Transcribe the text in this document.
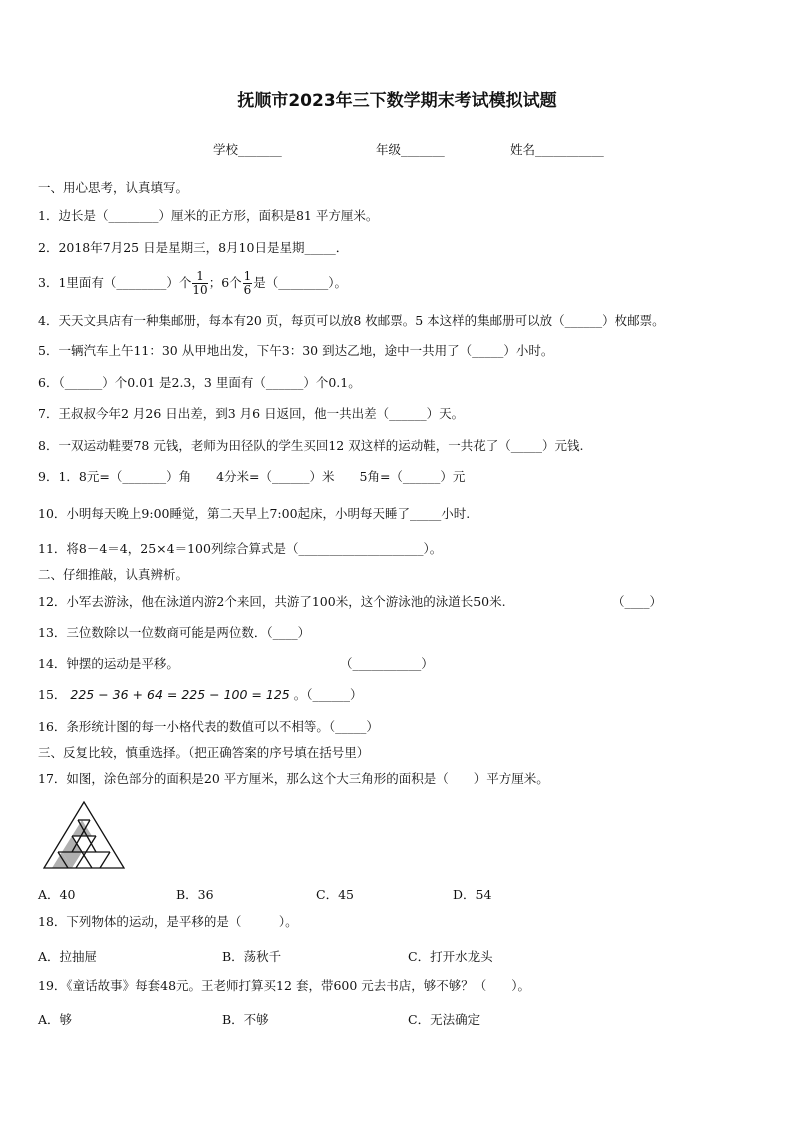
抚顺市2023年三下数学期末考试模拟试题
学校_______	年级_______	姓名___________
一、用心思考，认真填写。
1．边长是（________）厘米的正方形，面积是81 平方厘米。
2．2018年7月25 日是星期三，8月10日是星期_____．
3．1里面有（________）个 $\frac{1}{10}$ ；6个 $\frac{1}{6}$ 是（________）。
4．天天文具店有一种集邮册，每本有20 页，每页可以放8 枚邮票。5 本这样的集邮册可以放（______）枚邮票。
5．一辆汽车上午11：30 从甲地出发，下午3：30 到达乙地，途中一共用了（_____）小时。
6．（______）个0.01 是2.3，3 里面有（______）个0.1。
7．王叔叔今年2 月26 日出差，到3 月6 日返回，他一共出差（______）天。
8．一双运动鞋要78 元钱，老师为田径队的学生买回12 双这样的运动鞋，一共花了（_____）元钱.
9．1．8元=（_______）角　　4分米=（______）米　　5角=（______）元
10．小明每天晚上9:00睡觉，第二天早上7:00起床，小明每天睡了_____小时.
11．将8－4＝4，25×4＝100列综合算式是（____________________）。
二、仔细推敲，认真辨析。
12．小军去游泳，他在泳道内游2个来回，共游了100米，这个游泳池的泳道长50米.	（____）
13．三位数除以一位数商可能是两位数．（____）
14．钟摆的运动是平移。	（___________）
15． 225 − 36 + 64 = 225 − 100 = 125 。（______）
16．条形统计图的每一小格代表的数值可以不相等。（_____）
三、反复比较，慎重选择。（把正确答案的序号填在括号里）
17．如图，涂色部分的面积是20 平方厘米，那么这个大三角形的面积是（　　）平方厘米。
A．40	B．36	C．45	D．54
18．下列物体的运动，是平移的是（　　　）。
A．拉抽屉	B．荡秋千	C．打开水龙头
19．《童话故事》每套48元。王老师打算买12 套，带600 元去书店，够不够？（　　）。
A．够	B．不够	C．无法确定
